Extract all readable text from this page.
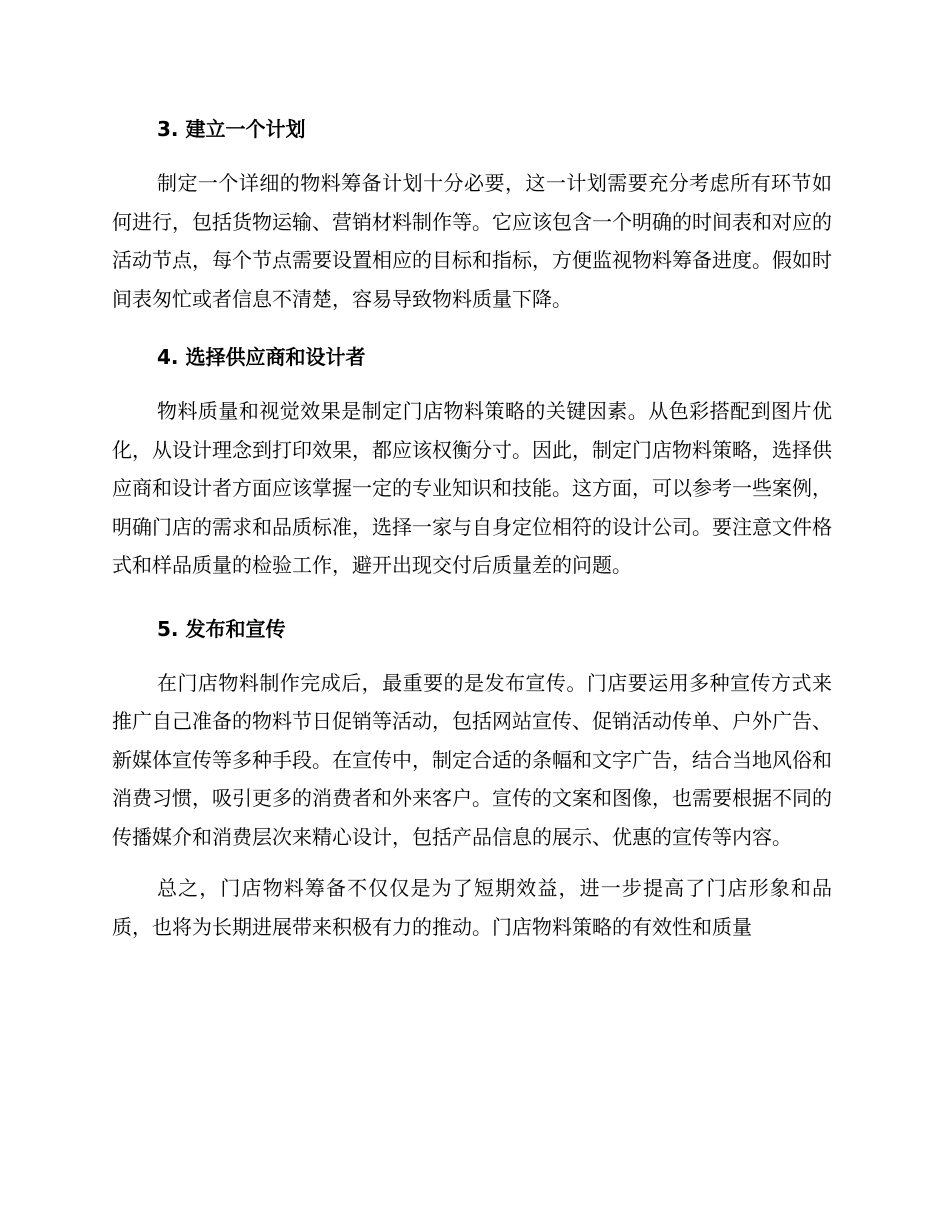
3. 建立一个计划

制定一个详细的物料筹备计划十分必要，这一计划需要充分考虑所有环节如何进行，包括货物运输、营销材料制作等。它应该包含一个明确的时间表和对应的活动节点，每个节点需要设置相应的目标和指标，方便监视物料筹备进度。假如时间表匆忙或者信息不清楚，容易导致物料质量下降。

4. 选择供应商和设计者

物料质量和视觉效果是制定门店物料策略的关键因素。从色彩搭配到图片优化，从设计理念到打印效果，都应该权衡分寸。因此，制定门店物料策略，选择供应商和设计者方面应该掌握一定的专业知识和技能。这方面，可以参考一些案例，明确门店的需求和品质标准，选择一家与自身定位相符的设计公司。要注意文件格式和样品质量的检验工作，避开出现交付后质量差的问题。

5. 发布和宣传

在门店物料制作完成后，最重要的是发布宣传。门店要运用多种宣传方式来推广自己准备的物料节日促销等活动，包括网站宣传、促销活动传单、户外广告、新媒体宣传等多种手段。在宣传中，制定合适的条幅和文字广告，结合当地风俗和消费习惯，吸引更多的消费者和外来客户。宣传的文案和图像，也需要根据不同的传播媒介和消费层次来精心设计，包括产品信息的展示、优惠的宣传等内容。

总之，门店物料筹备不仅仅是为了短期效益，进一步提高了门店形象和品质，也将为长期进展带来积极有力的推动。门店物料策略的有效性和质量
